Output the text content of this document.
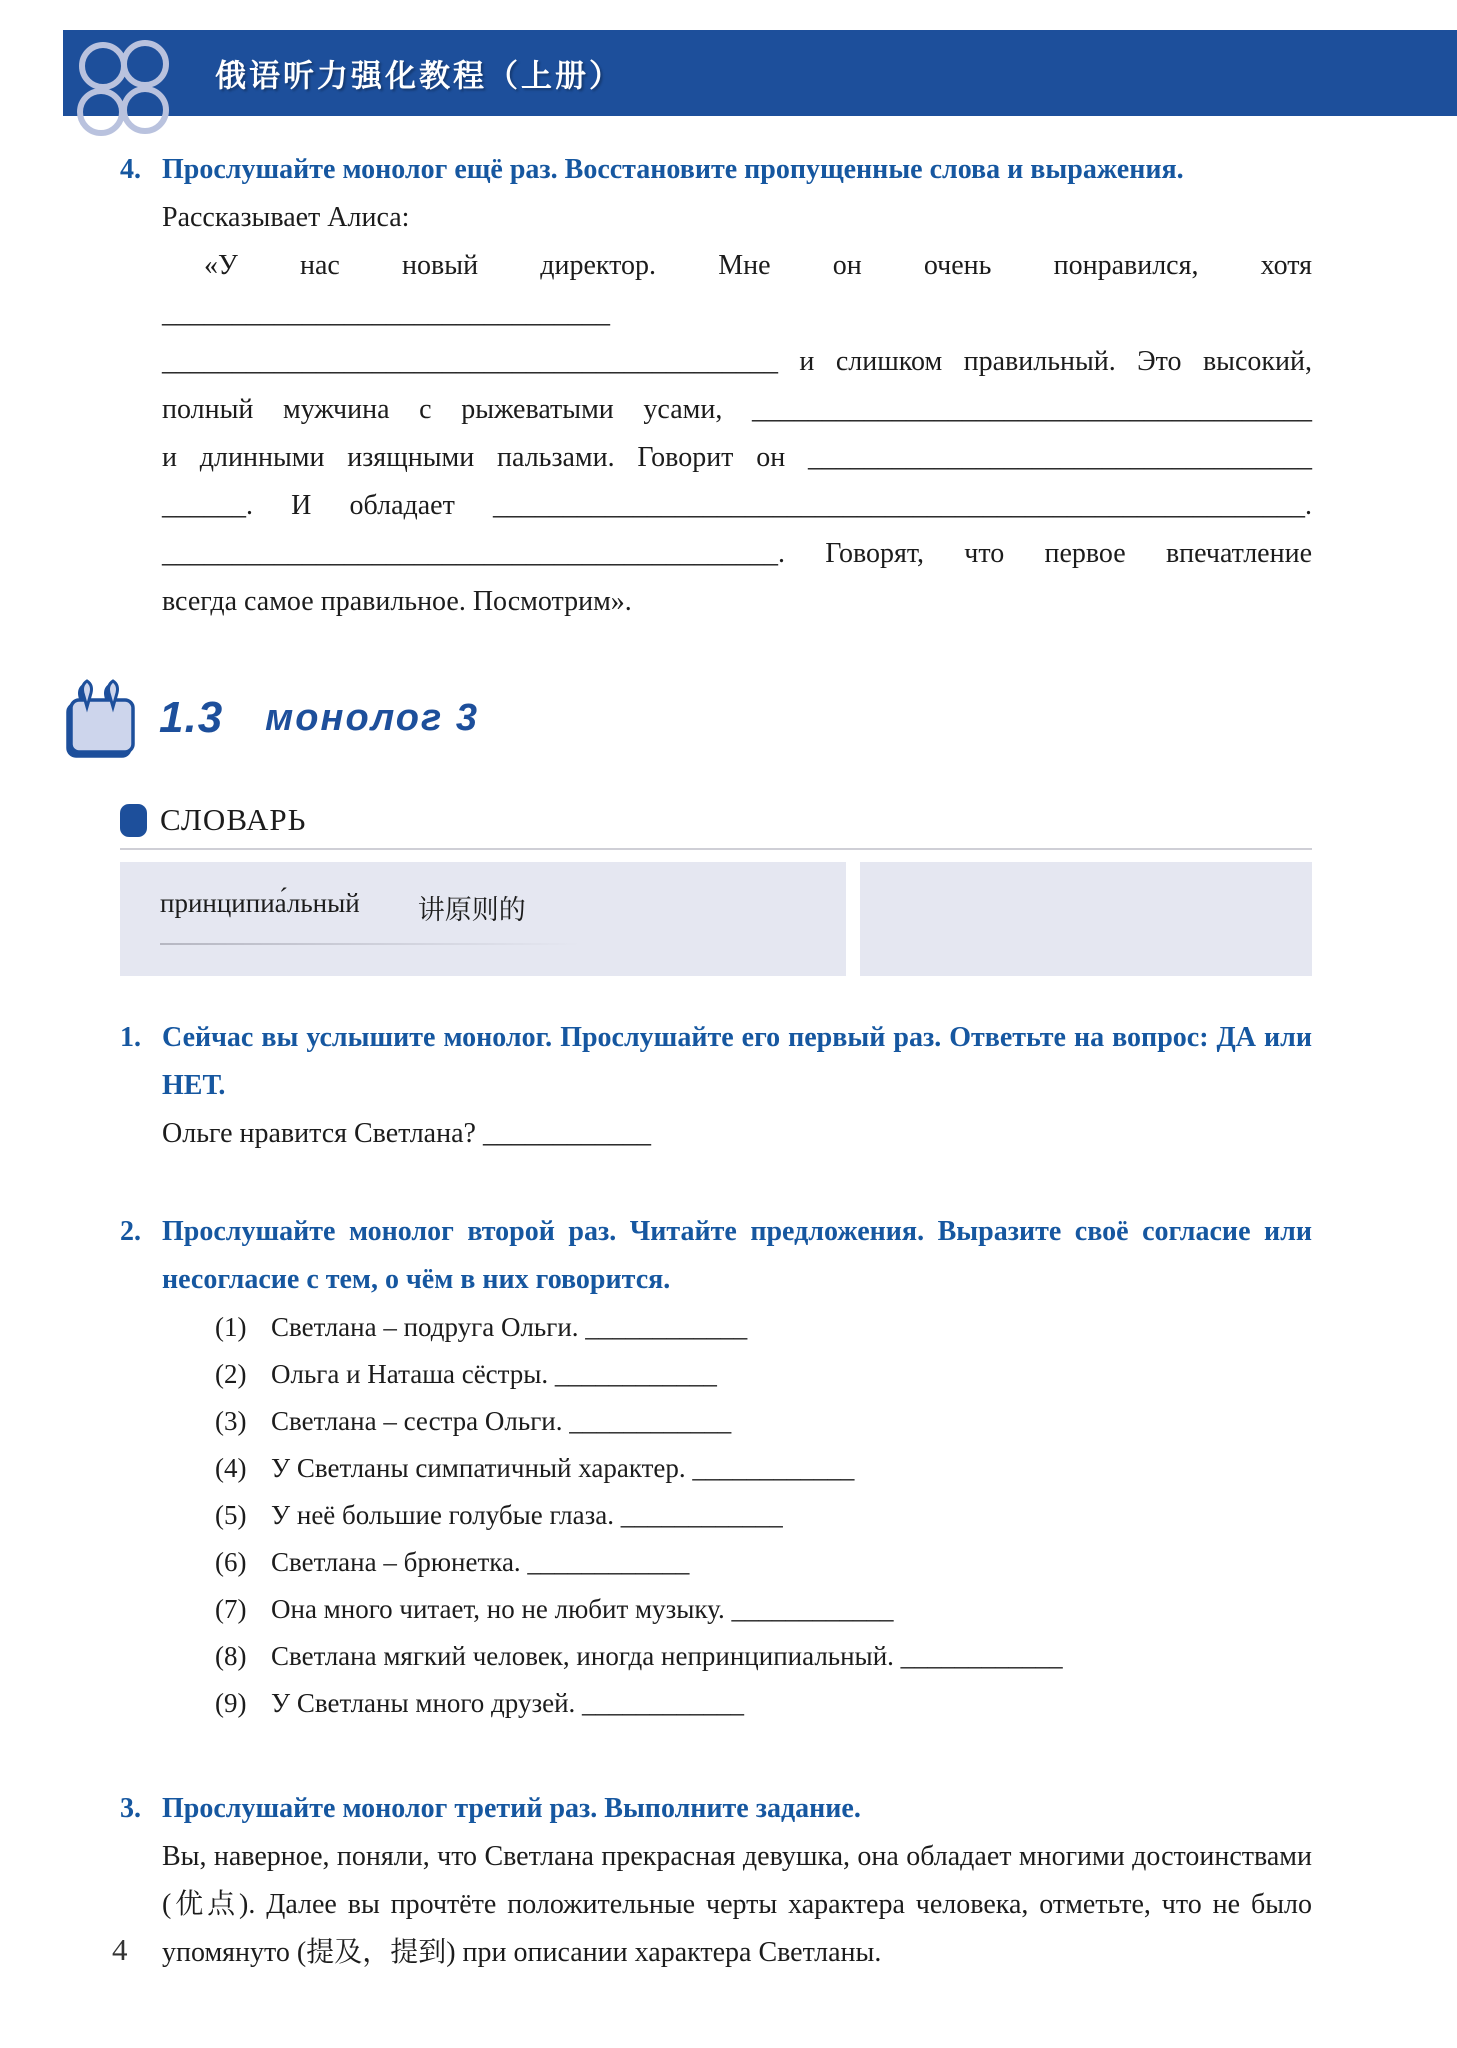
俄语听力强化教程（上册）
4. Прослушайте монолог ещё раз. Восстановите пропущенные слова и выражения.
Рассказывает Алиса:
«У нас новый директор. Мне он очень понравился, хотя ________________________________
____________________________________________ и слишком правильный. Это высокий,
полный мужчина с рыжеватыми усами, ________________________________________
и длинными изящными пальзами. Говорит он ____________________________________
______. И обладает __________________________________________________________.
____________________________________________. Говорят, что первое впечатление
всегда самое правильное. Посмотрим».
1.3 монолог 3
СЛОВАРЬ
принципиа́льный 讲原则的
1. Сейчас вы услышите монолог. Прослушайте его первый раз. Ответьте на вопрос: ДА или НЕТ.
Ольге нравится Светлана? ____________
2. Прослушайте монолог второй раз. Читайте предложения. Выразите своё согласие или несогласие с тем, о чём в них говорится.
(1) Светлана – подруга Ольги. ____________
(2) Ольга и Наташа сёстры. ____________
(3) Светлана – сестра Ольги. ____________
(4) У Светланы симпатичный характер. ____________
(5) У неё большие голубые глаза. ____________
(6) Светлана – брюнетка. ____________
(7) Она много читает, но не любит музыку. ____________
(8) Светлана мягкий человек, иногда непринципиальный. ____________
(9) У Светланы много друзей. ____________
3. Прослушайте монолог третий раз. Выполните задание.
Вы, наверное, поняли, что Светлана прекрасная девушка, она обладает многими достоинствами (优点). Далее вы прочтёте положительные черты характера человека, отметьте, что не было упомянуто (提及，提到) при описании характера Светланы.
4
